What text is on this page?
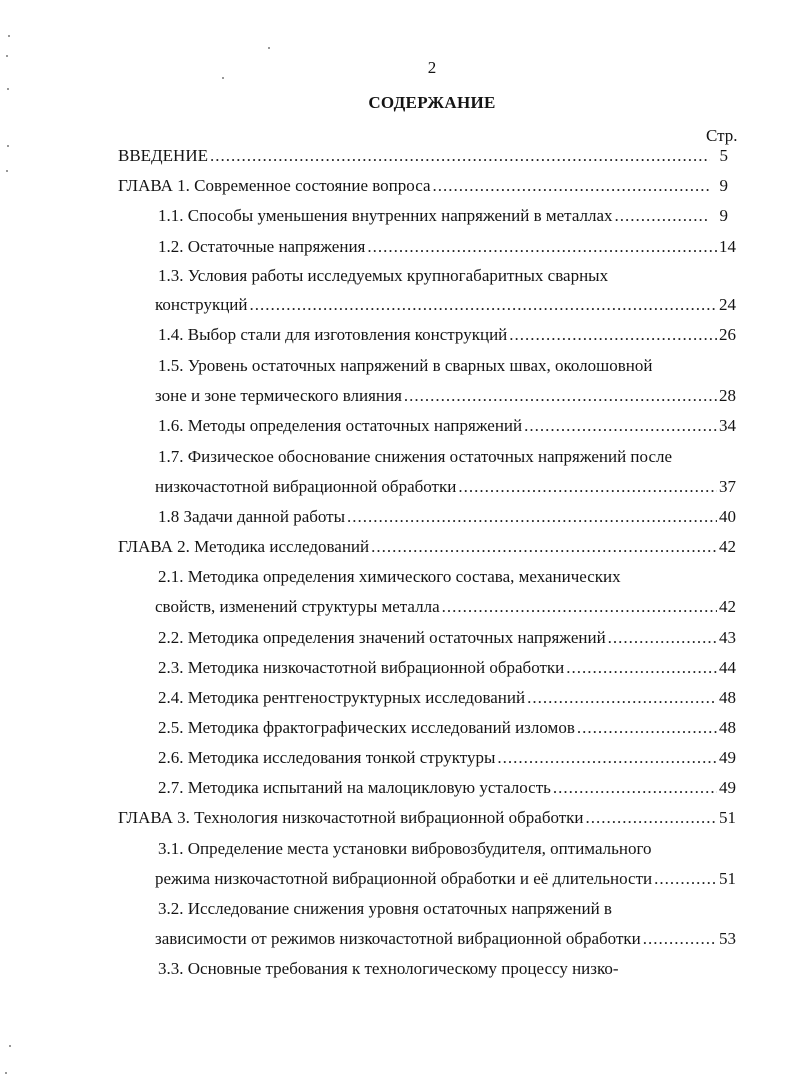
2
СОДЕРЖАНИЕ
Стр.
ВВЕДЕНИЕ .....	5
ГЛАВА 1. Современное состояние вопроса .....	9
1.1. Способы уменьшения внутренних напряжений в металлах .....	9
1.2. Остаточные напряжения .....	14
1.3. Условия работы исследуемых крупногабаритных сварных
конструкций .....	24
1.4. Выбор стали для изготовления конструкций .....	26
1.5. Уровень остаточных напряжений в сварных швах, околошовной
зоне и зоне термического влияния .....	28
1.6. Методы определения остаточных напряжений .....	34
1.7. Физическое обоснование снижения остаточных напряжений после
низкочастотной вибрационной обработки .....	37
1.8 Задачи данной работы .....	40
ГЛАВА 2. Методика исследований .....	42
2.1. Методика определения химического состава, механических
свойств, изменений структуры металла .....	42
2.2. Методика определения значений остаточных напряжений .....	43
2.3. Методика низкочастотной вибрационной обработки .....	44
2.4. Методика рентгеноструктурных исследований .....	48
2.5. Методика фрактографических исследований изломов .....	48
2.6. Методика исследования тонкой структуры .....	49
2.7. Методика испытаний на малоцикловую усталость .....	49
ГЛАВА 3. Технология низкочастотной вибрационной обработки .....	51
3.1. Определение места установки вибровозбудителя, оптимального
режима низкочастотной вибрационной обработки и её длительности .....	51
3.2. Исследование снижения уровня остаточных напряжений в
зависимости от режимов низкочастотной вибрационной обработки .....	53
3.3. Основные требования к технологическому процессу низко-
